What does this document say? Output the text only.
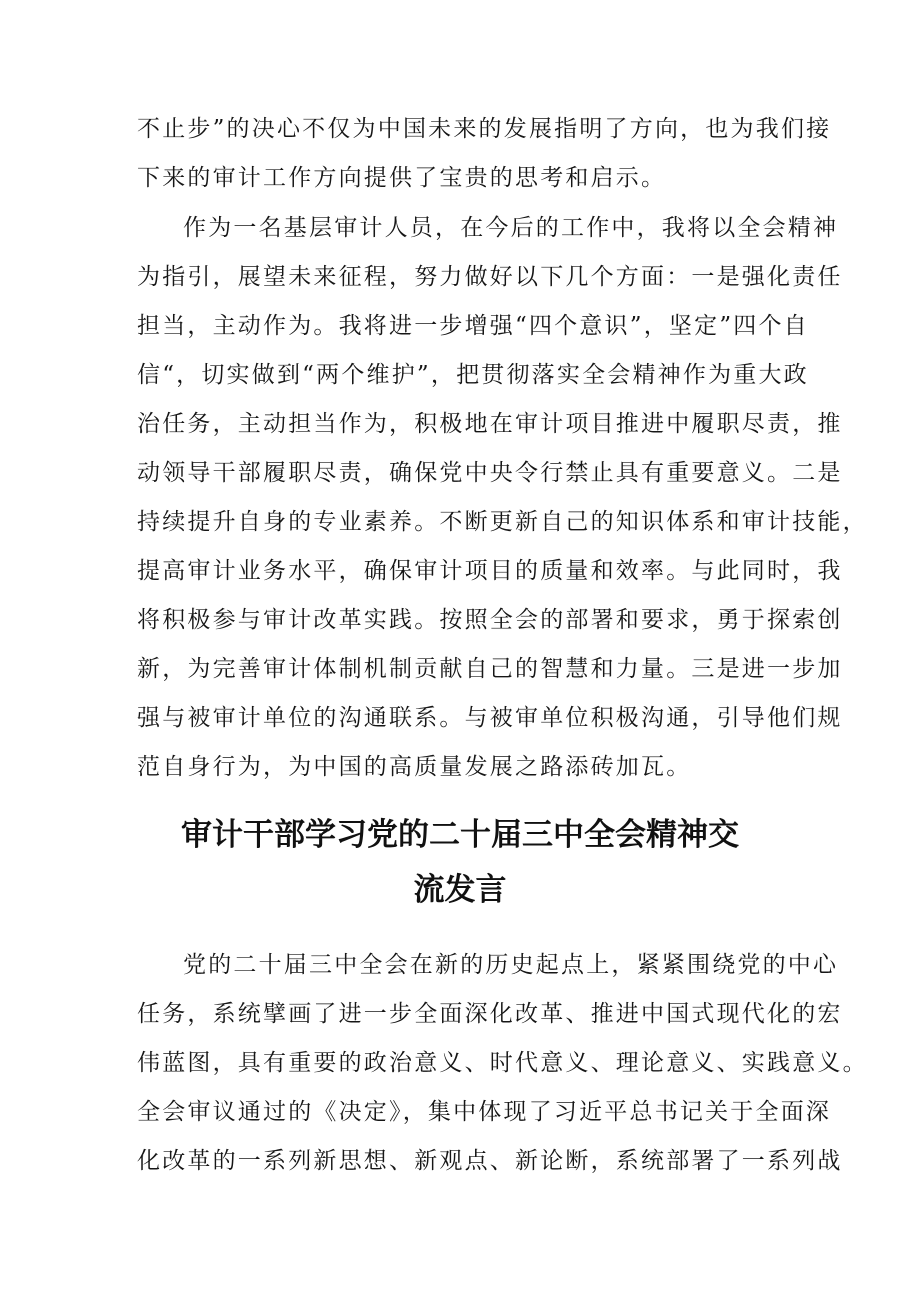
不止步”的决心不仅为中国未来的发展指明了方向，也为我们接

下来的审计工作方向提供了宝贵的思考和启示。

作为一名基层审计人员，在今后的工作中，我将以全会精神

为指引，展望未来征程，努力做好以下几个方面：一是强化责任

担当，主动作为。我将进一步增强“四个意识”，坚定”四个自

信“，切实做到“两个维护”，把贯彻落实全会精神作为重大政

治任务，主动担当作为，积极地在审计项目推进中履职尽责，推

动领导干部履职尽责，确保党中央令行禁止具有重要意义。二是

持续提升自身的专业素养。不断更新自己的知识体系和审计技能，

提高审计业务水平，确保审计项目的质量和效率。与此同时，我

将积极参与审计改革实践。按照全会的部署和要求，勇于探索创

新，为完善审计体制机制贡献自己的智慧和力量。三是进一步加

强与被审计单位的沟通联系。与被审单位积极沟通，引导他们规

范自身行为，为中国的高质量发展之路添砖加瓦。

审计干部学习党的二十届三中全会精神交
流发言

党的二十届三中全会在新的历史起点上，紧紧围绕党的中心

任务，系统擘画了进一步全面深化改革、推进中国式现代化的宏

伟蓝图，具有重要的政治意义、时代意义、理论意义、实践意义。

全会审议通过的《决定》，集中体现了习近平总书记关于全面深

化改革的一系列新思想、新观点、新论断，系统部署了一系列战
